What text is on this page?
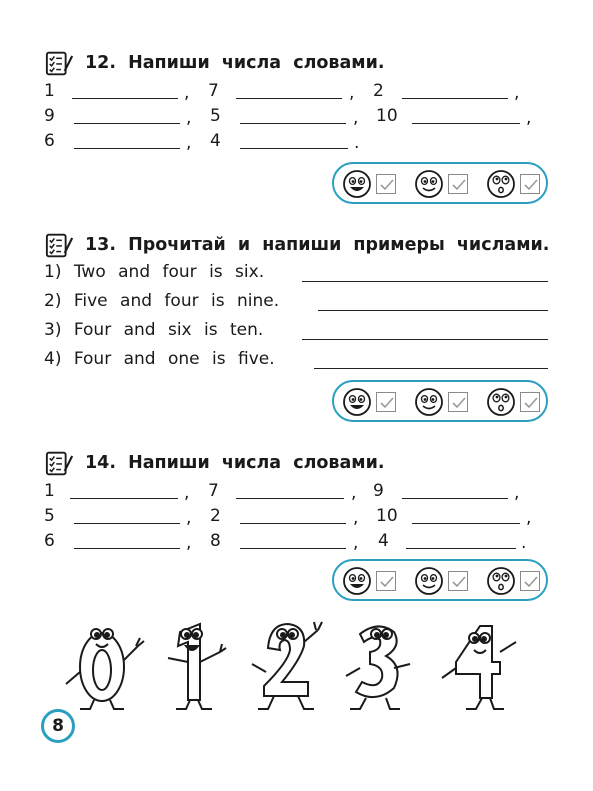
12. Напиши числа словами.
1	, 7	, 2	,
9	, 5	, 10	,
6	, 4	.
13. Прочитай и напиши примеры числами.
1) Two and four is six.
2) Five and four is nine.
3) Four and six is ten.
4) Four and one is five.
14. Напиши числа словами.
1	, 7	, 9	,
5	, 2	, 10	,
6	, 8	, 4	.
8
